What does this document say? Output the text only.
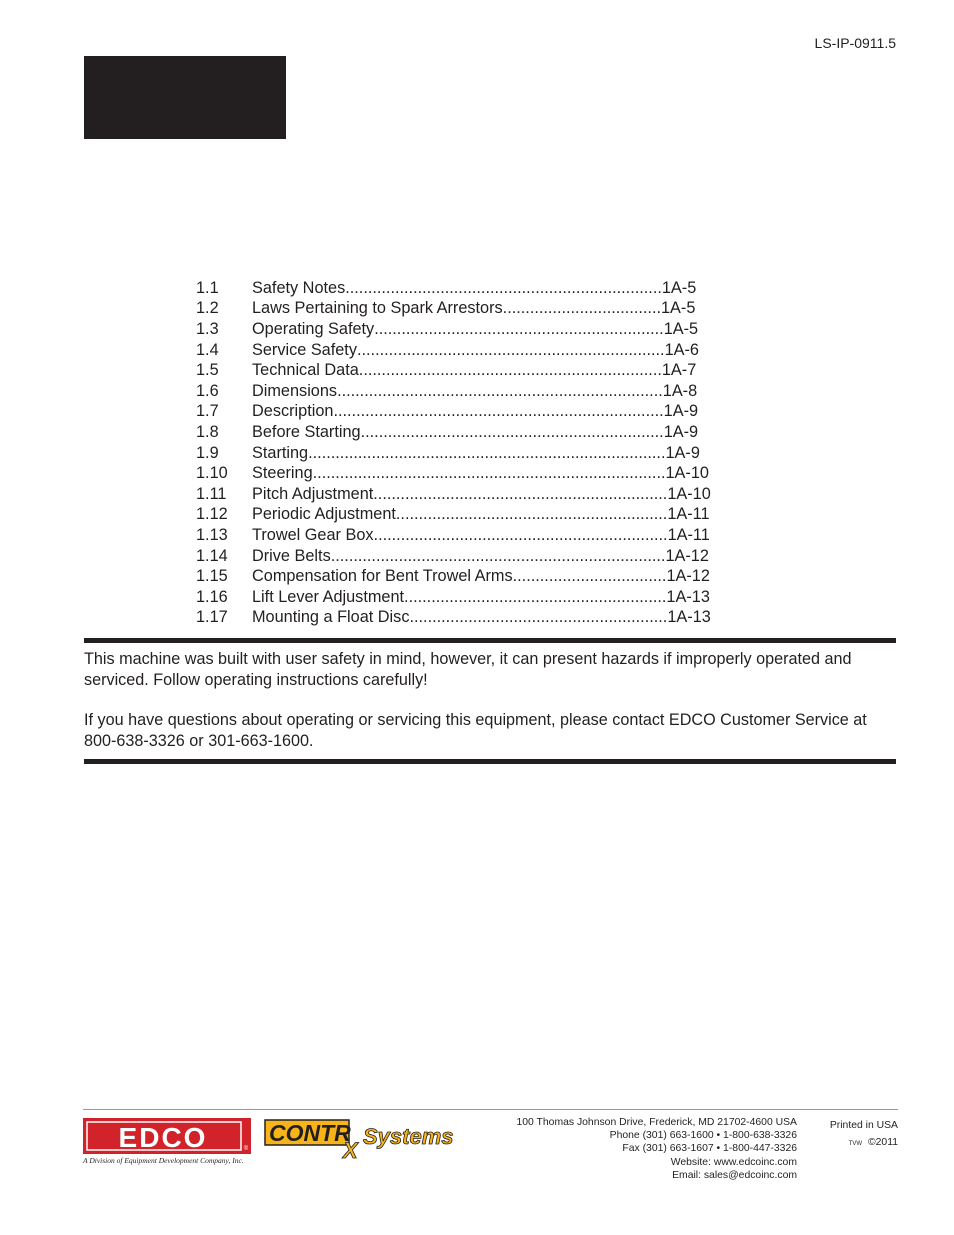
LS-IP-0911.5
1.1	Safety Notes ...................................................................... 1A-5
1.2	Laws Pertaining to Spark Arrestors ................................... 1A-5
1.3	Operating Safety ................................................................ 1A-5
1.4	Service Safety .................................................................... 1A-6
1.5	Technical Data ................................................................... 1A-7
1.6	Dimensions ........................................................................ 1A-8
1.7	Description ......................................................................... 1A-9
1.8	Before Starting ................................................................... 1A-9
1.9	Starting ............................................................................... 1A-9
1.10	Steering .............................................................................. 1A-10
1.11	Pitch Adjustment ................................................................. 1A-10
1.12	Periodic Adjustment ............................................................ 1A-11
1.13	Trowel Gear Box ................................................................. 1A-11
1.14	Drive Belts .......................................................................... 1A-12
1.15	Compensation for Bent Trowel Arms .................................. 1A-12
1.16	Lift Lever Adjustment .......................................................... 1A-13
1.17	Mounting a Float Disc ......................................................... 1A-13
This machine was built with user safety in mind, however, it can present hazards if improperly operated and serviced. Follow operating instructions carefully!
If you have questions about operating or servicing this equipment, please contact EDCO Customer Service at 800-638-3326 or 301-663-1600.
EDCO	®
A Division of Equipment Development Company, Inc.
CONTR
X
Systems
100 Thomas Johnson Drive, Frederick, MD 21702-4600 USA
Phone (301) 663-1600 • 1-800-638-3326
Fax (301) 663-1607 • 1-800-447-3326
Website: www.edcoinc.com
Email: sales@edcoinc.com
Printed in USA
TVW ©2011
